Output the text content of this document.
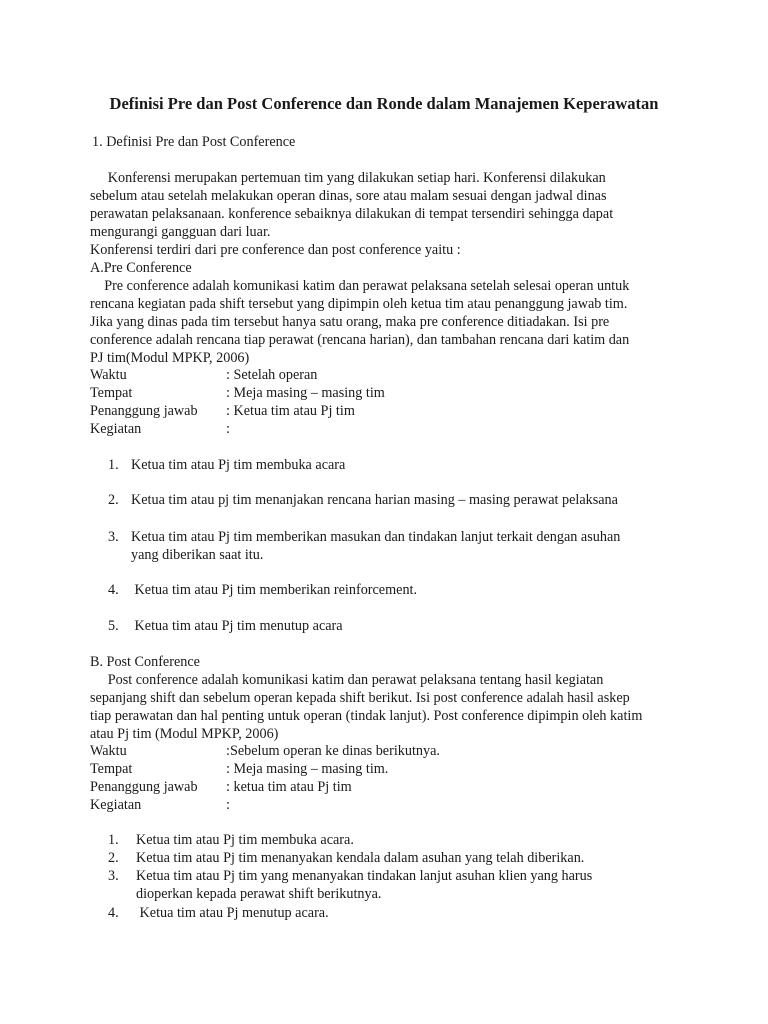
Definisi Pre dan Post Conference dan Ronde dalam Manajemen Keperawatan
1. Definisi Pre dan Post Conference
Konferensi merupakan pertemuan tim yang dilakukan setiap hari. Konferensi dilakukan
sebelum atau setelah melakukan operan dinas, sore atau malam sesuai dengan jadwal dinas
perawatan pelaksanaan. konference sebaiknya dilakukan di tempat tersendiri sehingga dapat
mengurangi gangguan dari luar.
Konferensi terdiri dari pre conference dan post conference yaitu :
A.Pre Conference
Pre conference adalah komunikasi katim dan perawat pelaksana setelah selesai operan untuk
rencana kegiatan pada shift tersebut yang dipimpin oleh ketua tim atau penanggung jawab tim.
Jika yang dinas pada tim tersebut hanya satu orang, maka pre conference ditiadakan. Isi pre
conference adalah rencana tiap perawat (rencana harian), dan tambahan rencana dari katim dan
PJ tim(Modul MPKP, 2006)
Waktu	: Setelah operan
Tempat	: Meja masing – masing tim
Penanggung jawab : Ketua tim atau Pj tim
Kegiatan	:
1. Ketua tim atau Pj tim membuka acara
2. Ketua tim atau pj tim menanjakan rencana harian masing – masing perawat pelaksana
3. Ketua tim atau Pj tim memberikan masukan dan tindakan lanjut terkait dengan asuhan
yang diberikan saat itu.
4. Ketua tim atau Pj tim memberikan reinforcement.
5. Ketua tim atau Pj tim menutup acara
B. Post Conference
Post conference adalah komunikasi katim dan perawat pelaksana tentang hasil kegiatan
sepanjang shift dan sebelum operan kepada shift berikut. Isi post conference adalah hasil askep
tiap perawatan dan hal penting untuk operan (tindak lanjut). Post conference dipimpin oleh katim
atau Pj tim (Modul MPKP, 2006)
Waktu	:Sebelum operan ke dinas berikutnya.
Tempat	: Meja masing – masing tim.
Penanggung jawab : ketua tim atau Pj tim
Kegiatan	:
1. Ketua tim atau Pj tim membuka acara.
2. Ketua tim atau Pj tim menanyakan kendala dalam asuhan yang telah diberikan.
3. Ketua tim atau Pj tim yang menanyakan tindakan lanjut asuhan klien yang harus
dioperkan kepada perawat shift berikutnya.
4. Ketua tim atau Pj menutup acara.
